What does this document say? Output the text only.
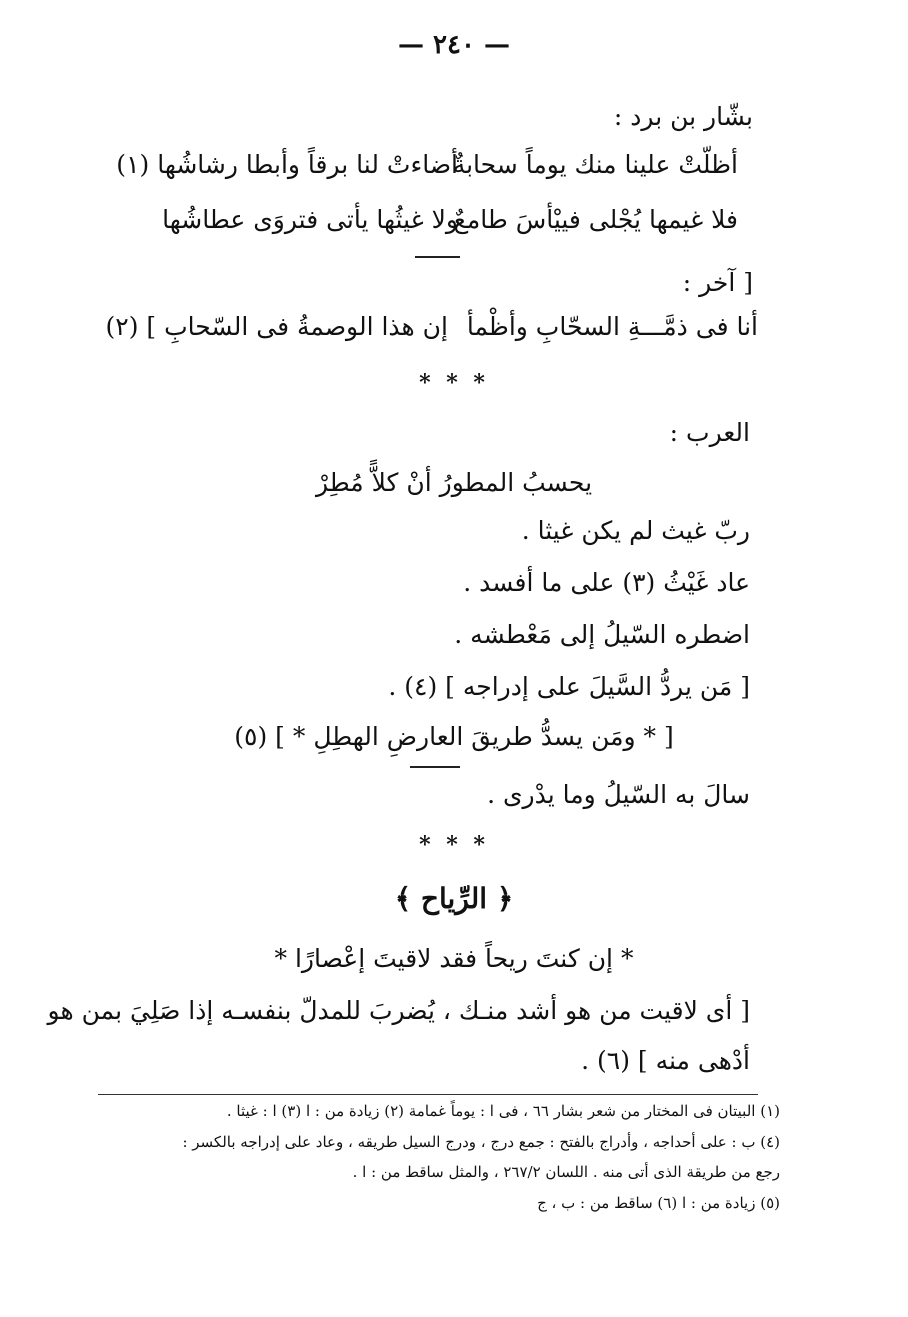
— ٢٤٠ —
بشّار بن برد :
أظلّتْ علينا منك يوماً سحابةٌ
أضاءتْ لنا برقاً وأبطا رشاشُها (١)
فلا غيمها يُجْلى فييْأسَ طامعٌ
ولا غيثُها يأتى فتروَى عطاشُها
[ آخر :
أنا فى ذمَّـــةِ السحّابِ وأظْمأ
إن هذا الوصمةُ فى السّحابِ ] (٢)
* * *
العرب :
يحسبُ المطورُ أنْ كلاًّ مُطِرْ
ربّ غيث لم يكن غيثا .
عاد غَيْثُ (٣) على ما أفسد .
اضطره السّيلُ إلى مَعْطشه .
[ مَن يردُّ السَّيلَ على إدراجه ] (٤) .
[ * ومَن يسدُّ طريقَ العارضِ الهطِلِ * ] (٥)
سالَ به السّيلُ وما يدْرى .
* * *
﴿ الرِّياح ﴾
* إن كنتَ ريحاً فقد لاقيتَ إعْصارًا *
[ أى لاقيت من هو أشد منـك ، يُضربَ للمدلّ بنفسـه إذا صَلِيَ بمن هو
أدْهى منه ] (٦) .
(١) البيتان فى المختار من شعر بشار ٦٦ ، فى ا : يوماً غمامة (٢) زيادة من : ا (٣) ا : غيثا .
(٤) ب : على أحداجه ، وأدراج بالفتح : جمع درج ، ودرج السيل طريقه ، وعاد على إدراجه بالكسر :
رجع من طريقة الذى أتى منه . اللسان ٢٦٧/٢ ، والمثل ساقط من : ا .
(٥) زيادة من : ا (٦) ساقط من : ب ، ج
